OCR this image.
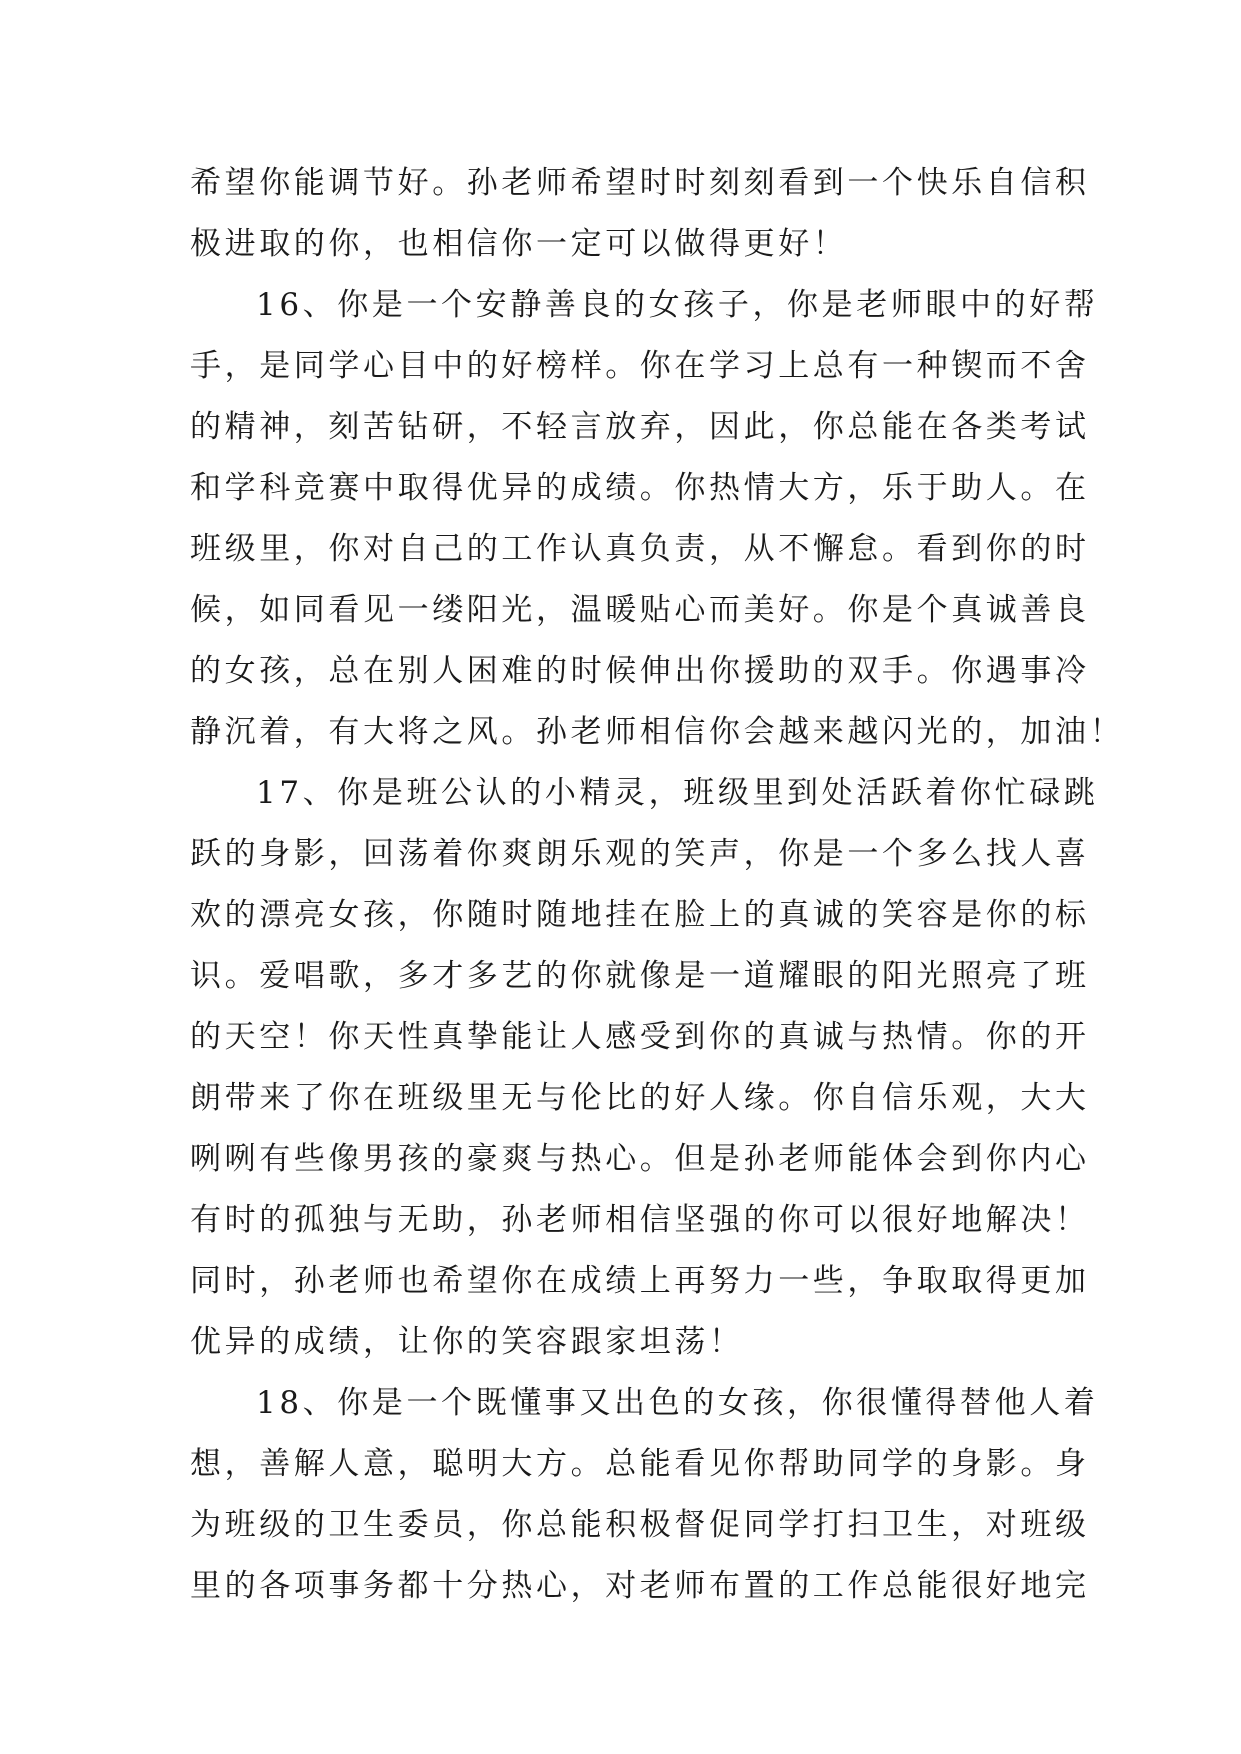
希望你能调节好。孙老师希望时时刻刻看到一个快乐自信积
极进取的你，也相信你一定可以做得更好！
16、你是一个安静善良的女孩子，你是老师眼中的好帮
手，是同学心目中的好榜样。你在学习上总有一种锲而不舍
的精神，刻苦钻研，不轻言放弃，因此，你总能在各类考试
和学科竞赛中取得优异的成绩。你热情大方，乐于助人。在
班级里，你对自己的工作认真负责，从不懈怠。看到你的时
候，如同看见一缕阳光，温暖贴心而美好。你是个真诚善良
的女孩，总在别人困难的时候伸出你援助的双手。你遇事冷
静沉着，有大将之风。孙老师相信你会越来越闪光的，加油！
17、你是班公认的小精灵，班级里到处活跃着你忙碌跳
跃的身影，回荡着你爽朗乐观的笑声，你是一个多么找人喜
欢的漂亮女孩，你随时随地挂在脸上的真诚的笑容是你的标
识。爱唱歌，多才多艺的你就像是一道耀眼的阳光照亮了班
的天空！你天性真挚能让人感受到你的真诚与热情。你的开
朗带来了你在班级里无与伦比的好人缘。你自信乐观，大大
咧咧有些像男孩的豪爽与热心。但是孙老师能体会到你内心
有时的孤独与无助，孙老师相信坚强的你可以很好地解决！
同时，孙老师也希望你在成绩上再努力一些，争取取得更加
优异的成绩，让你的笑容跟家坦荡！
18、你是一个既懂事又出色的女孩，你很懂得替他人着
想，善解人意，聪明大方。总能看见你帮助同学的身影。身
为班级的卫生委员，你总能积极督促同学打扫卫生，对班级
里的各项事务都十分热心，对老师布置的工作总能很好地完
